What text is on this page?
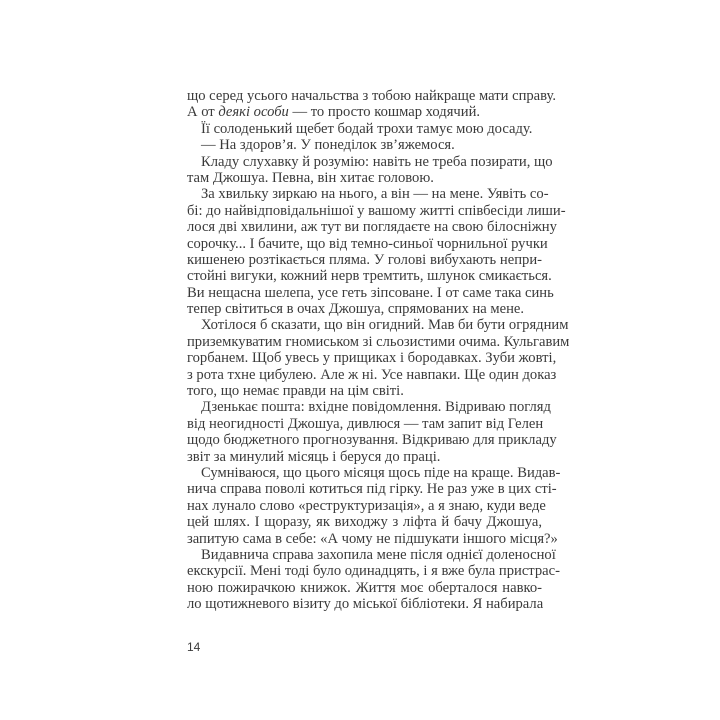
що серед усього начальства з тобою найкраще мати справу.
А от деякі особи — то просто кошмар ходячий.
Її солоденький щебет бодай трохи тамує мою досаду.
— На здоров’я. У понеділок зв’яжемося.
Кладу слухавку й розумію: навіть не треба позирати, що
там Джошуа. Певна, він хитає головою.
За хвильку зиркаю на нього, а він — на мене. Уявіть со-
бі: до найвідповідальнішої у вашому житті співбесіди лиши-
лося дві хвилини, аж тут ви поглядаєте на свою білосніжну
сорочку... І бачите, що від темно-синьої чорнильної ручки
кишенею розтікається пляма. У голові вибухають непри-
стойні вигуки, кожний нерв тремтить, шлунок смикається.
Ви нещасна шелепа, усе геть зіпсоване. І от саме така синь
тепер світиться в очах Джошуа, спрямованих на мене.
Хотілося б сказати, що він огидний. Мав би бути огрядним
приземкуватим гномиськом зі сльозистими очима. Кульгавим
горбанем. Щоб увесь у прищиках і бородавках. Зуби жовті,
з рота тхне цибулею. Але ж ні. Усе навпаки. Ще один доказ
того, що немає правди на цім світі.
Дзенькає пошта: вхідне повідомлення. Відриваю погляд
від неогидності Джошуа, дивлюся — там запит від Гелен
щодо бюджетного прогнозування. Відкриваю для прикладу
звіт за минулий місяць і беруся до праці.
Сумніваюся, що цього місяця щось піде на краще. Видав-
нича справа поволі котиться під гірку. Не раз уже в цих сті-
нах лунало слово «реструктуризація», а я знаю, куди веде
цей шлях. І щоразу, як виходжу з ліфта й бачу Джошуа,
запитую сама в себе: «А чому не підшукати іншого місця?»
Видавнича справа захопила мене після однієї доленосної
екскурсії. Мені тоді було одинадцять, і я вже була пристрас-
ною пожирачкою книжок. Життя моє оберталося навко-
ло щотижневого візиту до міської бібліотеки. Я набирала
14
